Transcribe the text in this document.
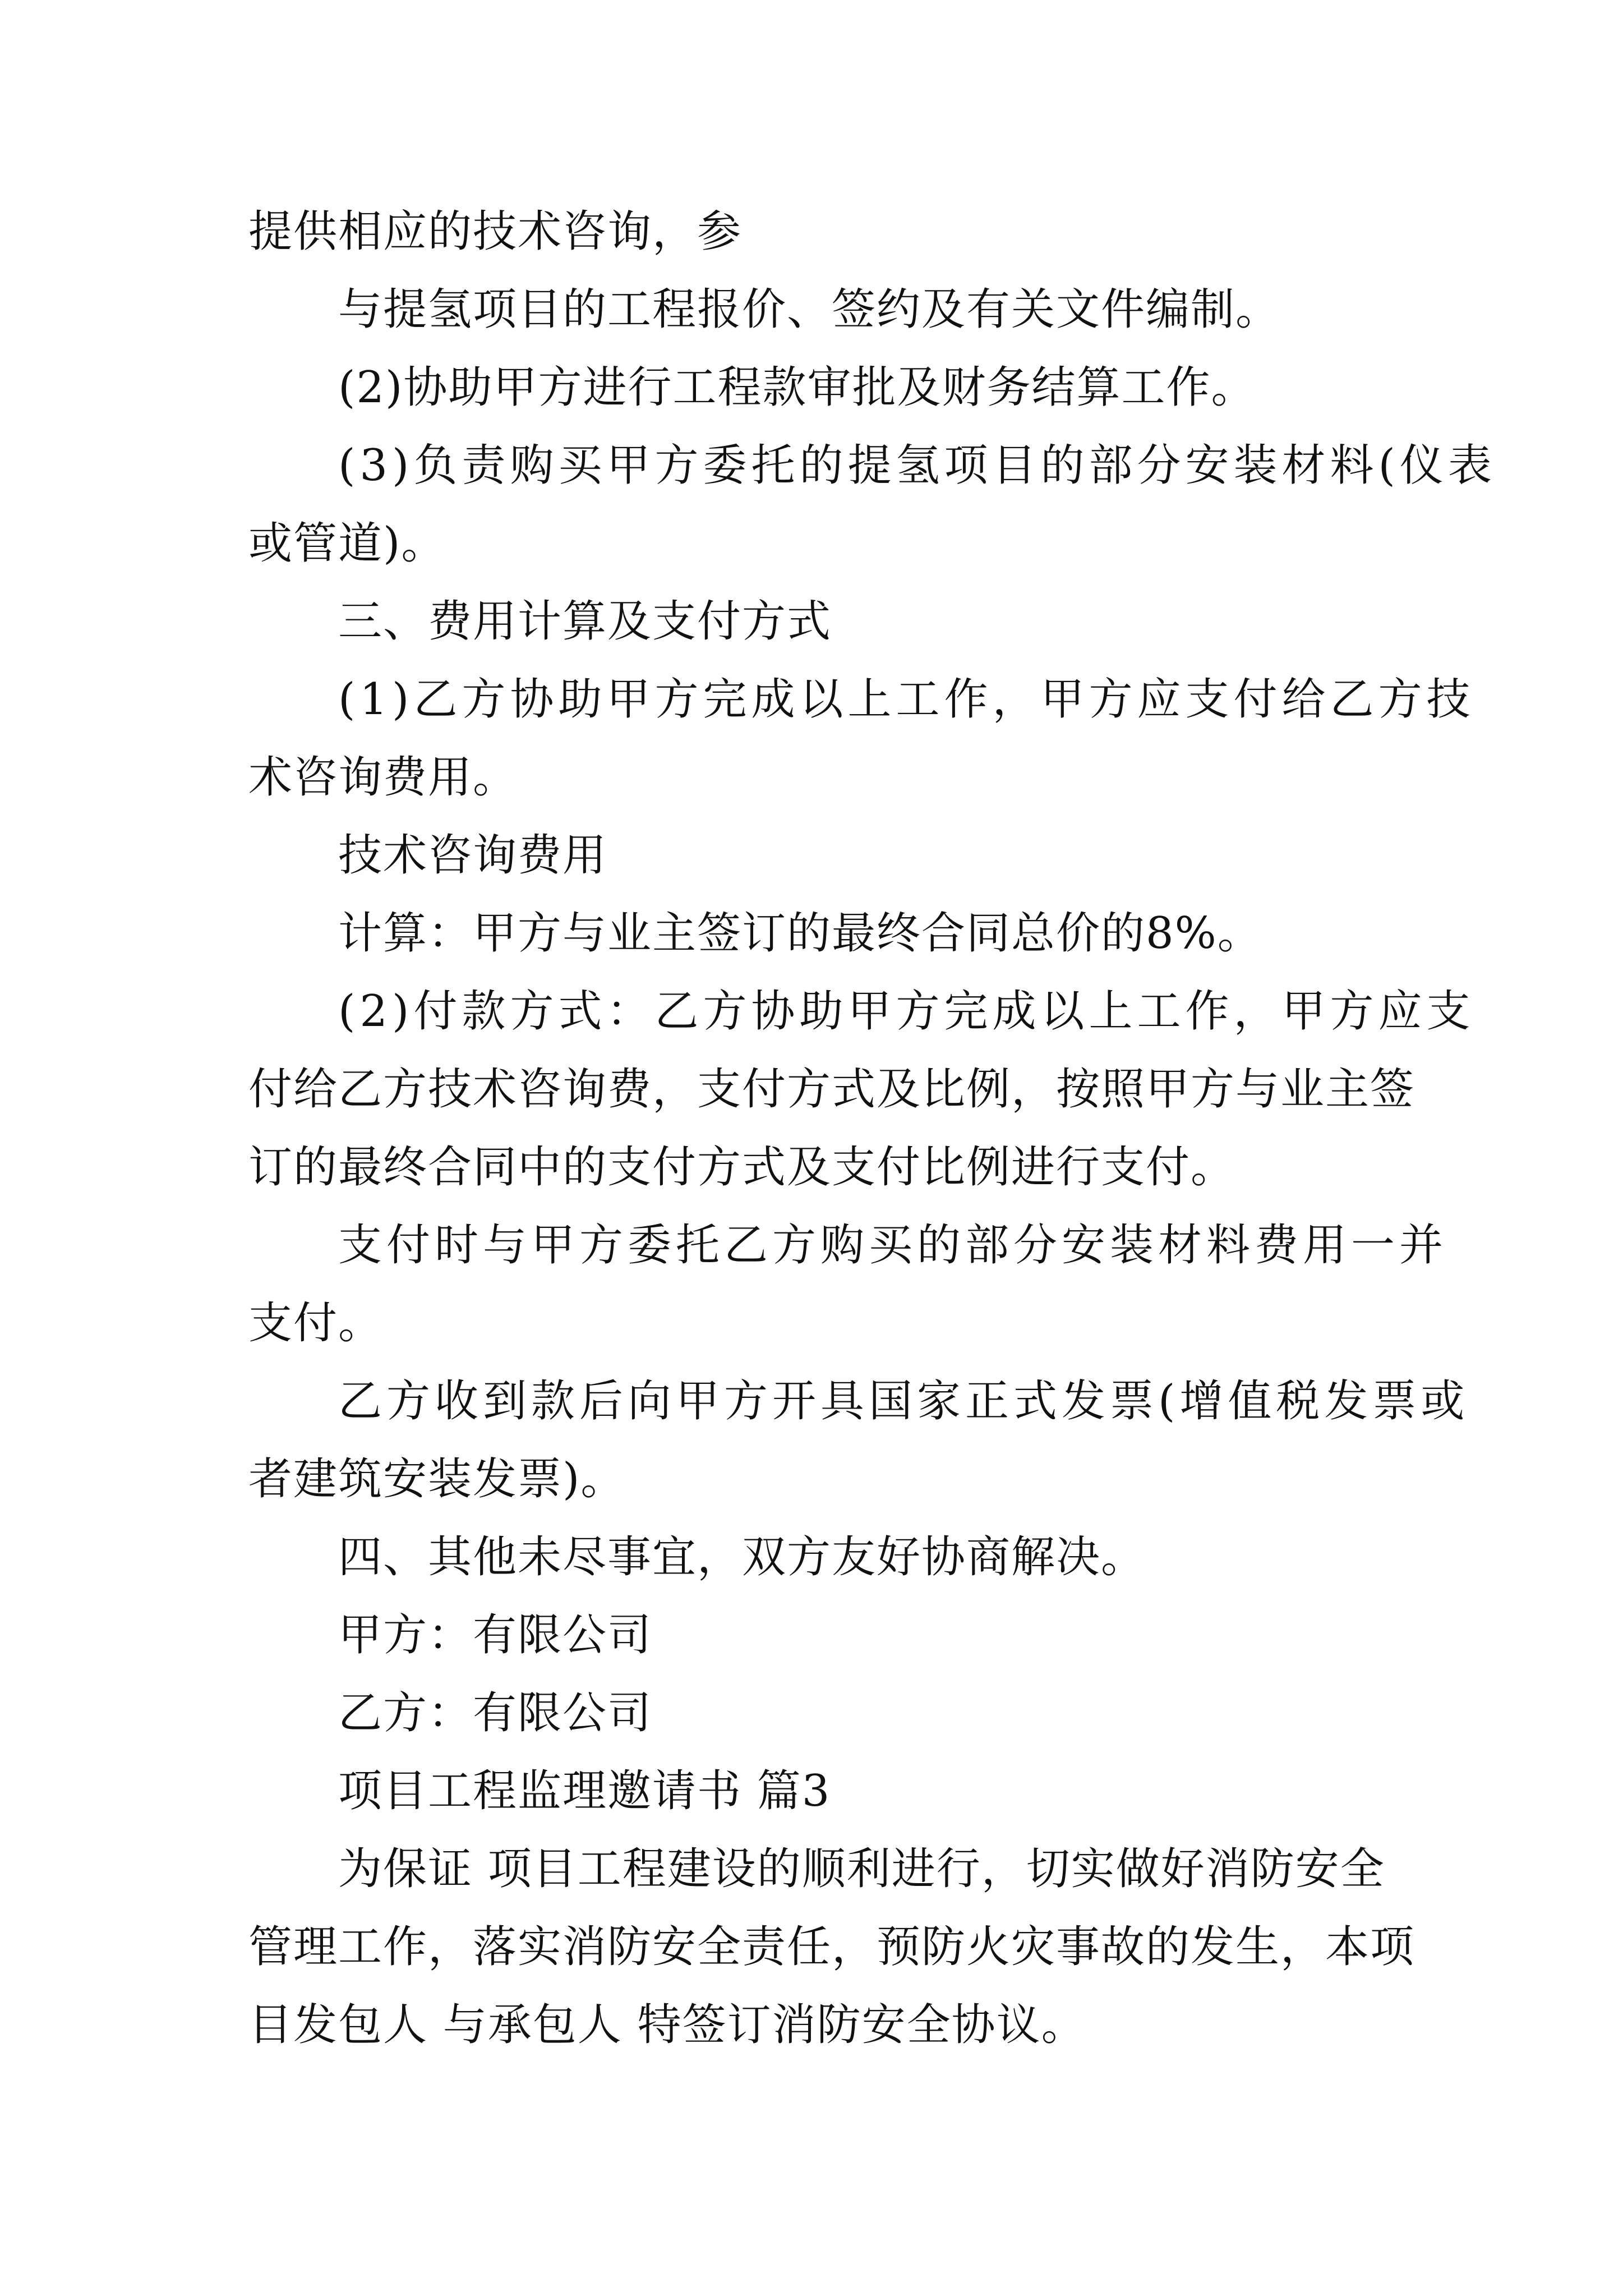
提供相应的技术咨询，参

与提氢项目的工程报价、签约及有关文件编制。

(2)协助甲方进行工程款审批及财务结算工作。

(3)负责购买甲方委托的提氢项目的部分安装材料(仪表

或管道)。

三、费用计算及支付方式

(1)乙方协助甲方完成以上工作，甲方应支付给乙方技

术咨询费用。

技术咨询费用

计算：甲方与业主签订的最终合同总价的8%。

(2)付款方式：乙方协助甲方完成以上工作，甲方应支

付给乙方技术咨询费，支付方式及比例，按照甲方与业主签

订的最终合同中的支付方式及支付比例进行支付。

支付时与甲方委托乙方购买的部分安装材料费用一并

支付。

乙方收到款后向甲方开具国家正式发票(增值税发票或

者建筑安装发票)。

四、其他未尽事宜，双方友好协商解决。

甲方：有限公司

乙方：有限公司

项目工程监理邀请书 篇3

为保证 项目工程建设的顺利进行，切实做好消防安全

管理工作，落实消防安全责任，预防火灾事故的发生，本项

目发包人 与承包人 特签订消防安全协议。
